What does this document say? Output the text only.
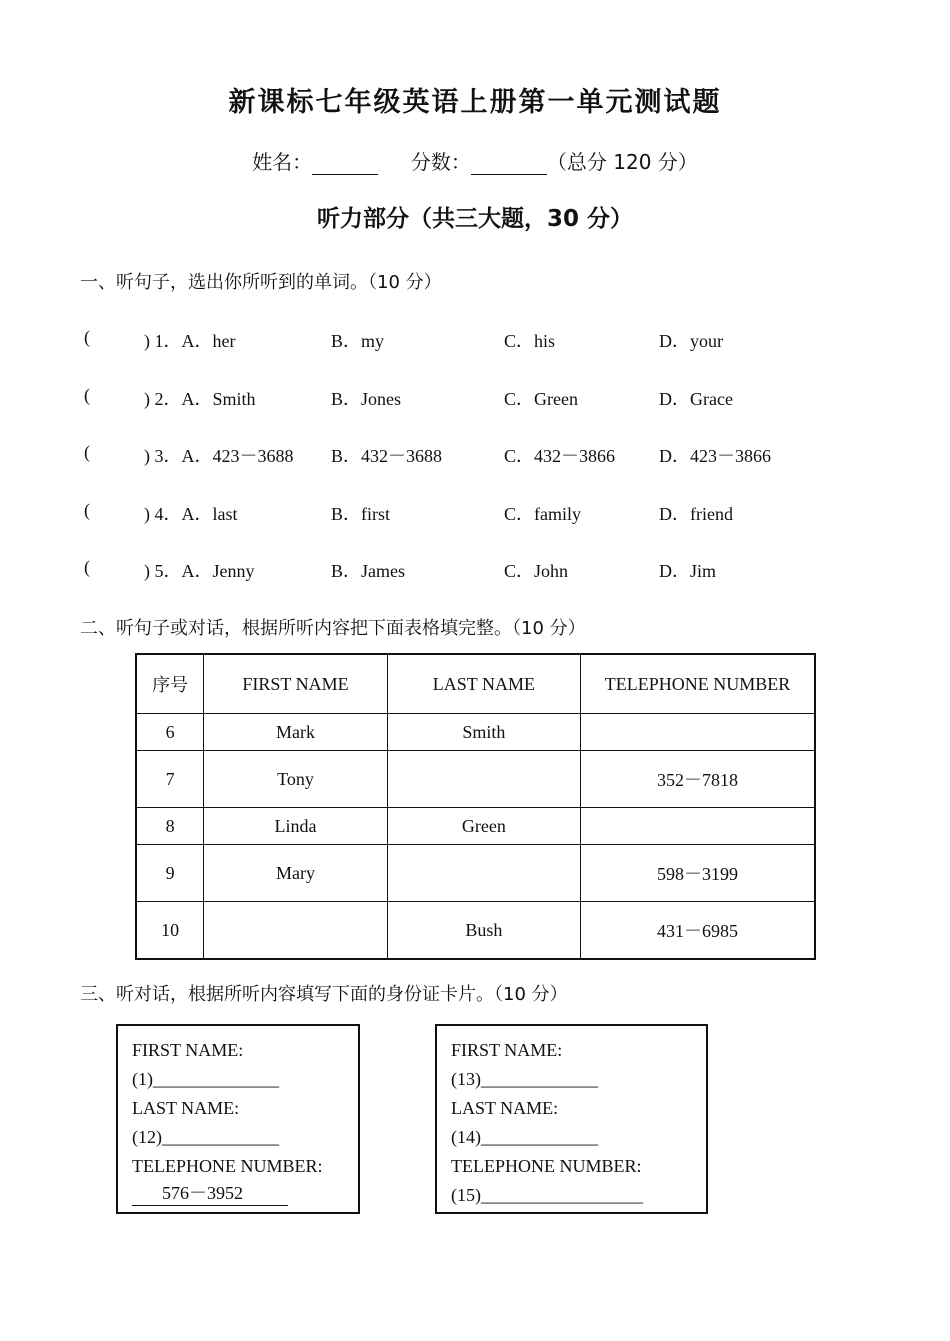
新课标七年级英语上册第一单元测试题
姓名：	分数：	（总分 120 分）
听力部分（共三大题，30 分）
一、听句子，选出你所听到的单词。（10 分）
(	) 1．A．her	B．my	C．his	D．your
(	) 2．A．Smith	B．Jones	C．Green	D．Grace
(	) 3．A．423－3688 B．432－3688	C．432－3866 D．423－3866
(	) 4．A．last	B．first	C．family	D．friend
(	) 5．A．Jenny	B．James	C．John	D．Jim
二、听句子或对话，根据所听内容把下面表格填完整。（10 分）
序号	FIRST NAME	LAST NAME	TELEPHONE NUMBER
6	Mark	Smith	
7	Tony		352－7818
8	Linda	Green	
9	Mary		598－3199
10		Bush	431－6985
三、听对话，根据所听内容填写下面的身份证卡片。（10 分）
FIRST NAME:
(1)______________
LAST NAME:
(12)_____________
TELEPHONE NUMBER:
576－3952
FIRST NAME:
(13)_____________
LAST NAME:
(14)_____________
TELEPHONE NUMBER:
(15)__________________
